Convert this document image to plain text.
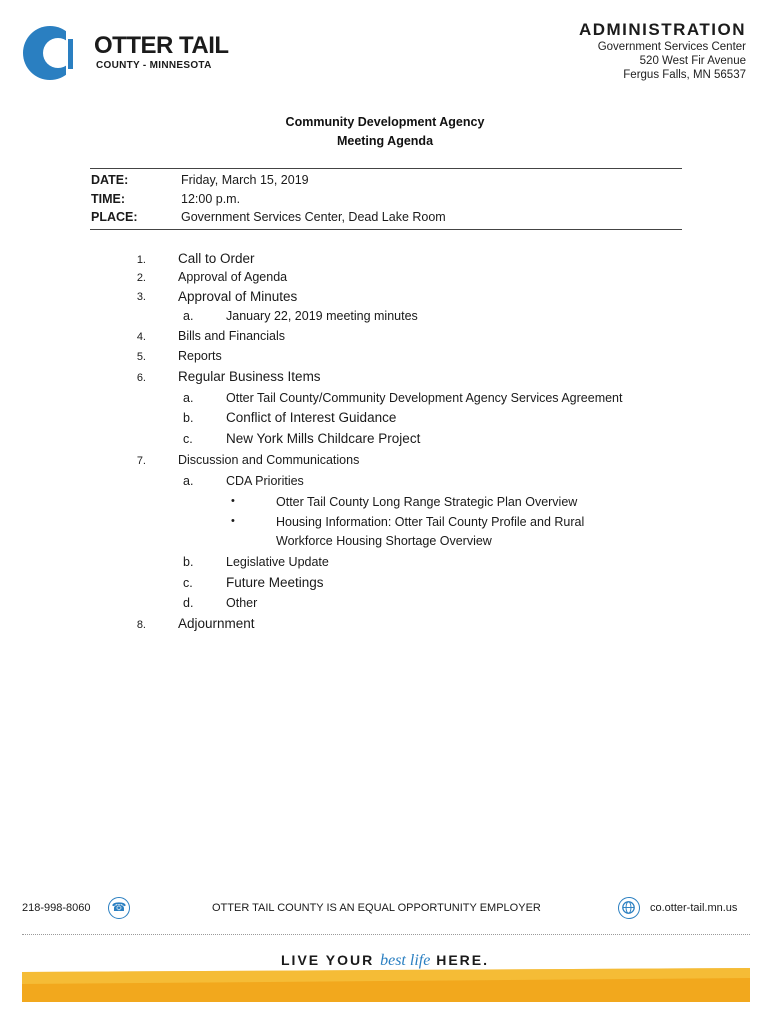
OTTER TAIL
COUNTY - MINNESOTA
ADMINISTRATION
Government Services Center
520 West Fir Avenue
Fergus Falls, MN 56537
Community Development Agency
Meeting Agenda
DATE:	Friday, March 15, 2019
TIME:	12:00 p.m.
PLACE:	Government Services Center, Dead Lake Room
1. Call to Order
2.	Approval of Agenda
3. Approval of Minutes
a.	January 22, 2019 meeting minutes
4.	Bills and Financials
5.	Reports
6. Regular Business Items
a.	Otter Tail County/Community Development Agency Services Agreement
b. Conflict of Interest Guidance
c. New York Mills Childcare Project
7.	Discussion and Communications
a.	CDA Priorities
•	Otter Tail County Long Range Strategic Plan Overview
•	Housing Information: Otter Tail County Profile and Rural
Workforce Housing Shortage Overview
b.	Legislative Update
c. Future Meetings
d.	Other
8. Adjournment
218-998-8060 ☎	OTTER TAIL COUNTY IS AN EQUAL OPPORTUNITY EMPLOYER	co.otter-tail.mn.us
LIVE YOUR best life HERE.
